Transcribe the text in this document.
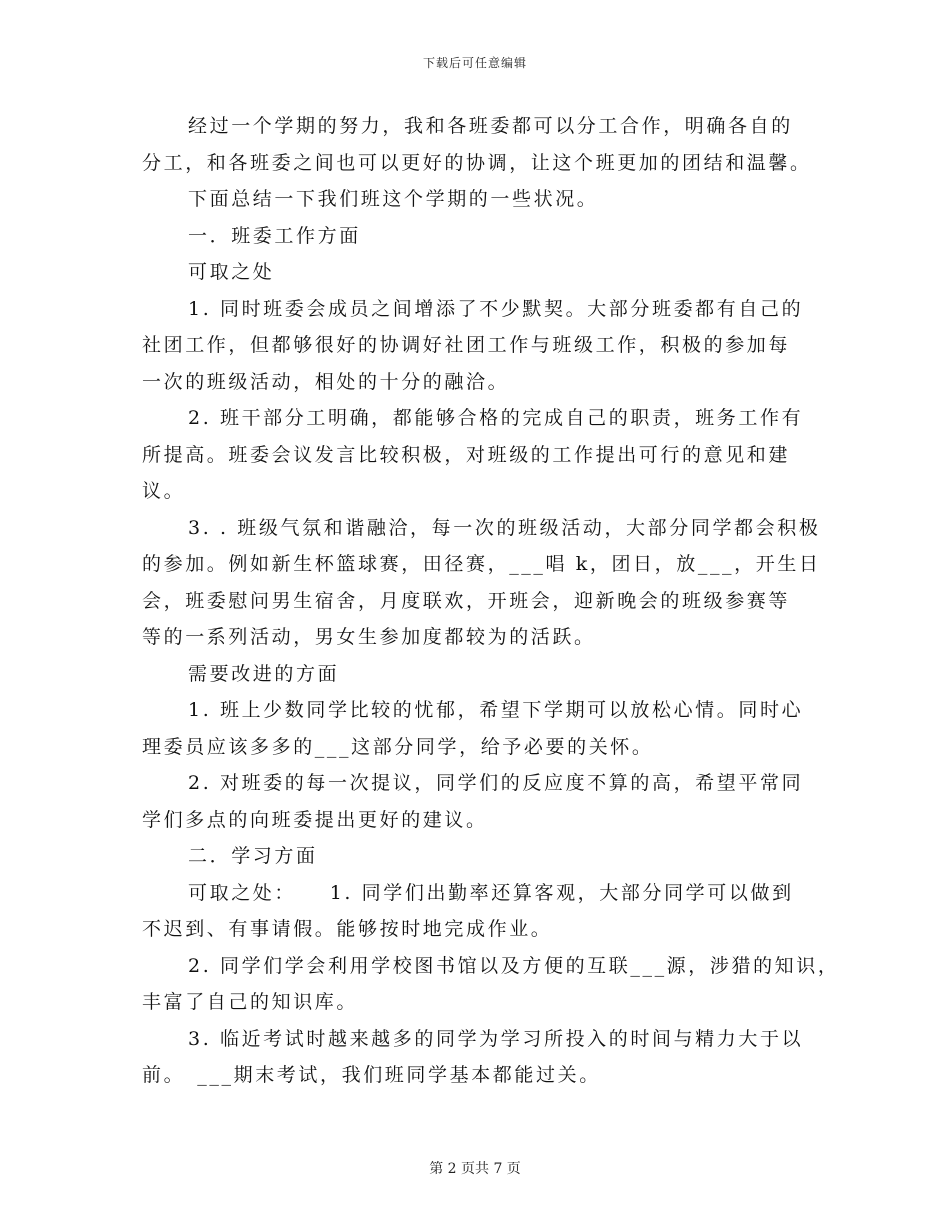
下载后可任意编辑

经过一个学期的努力，我和各班委都可以分工合作，明确各自的
分工，和各班委之间也可以更好的协调，让这个班更加的团结和温馨。

下面总结一下我们班这个学期的一些状况。

一．班委工作方面

可取之处

1. 同时班委会成员之间增添了不少默契。大部分班委都有自己的
社团工作，但都够很好的协调好社团工作与班级工作，积极的参加每
一次的班级活动，相处的十分的融洽。

2. 班干部分工明确，都能够合格的完成自己的职责，班务工作有
所提高。班委会议发言比较积极，对班级的工作提出可行的意见和建
议。

3. . 班级气氛和谐融洽，每一次的班级活动，大部分同学都会积极
的参加。例如新生杯篮球赛，田径赛，___唱 k，团日，放___，开生日
会，班委慰问男生宿舍，月度联欢，开班会，迎新晚会的班级参赛等
等的一系列活动，男女生参加度都较为的活跃。

需要改进的方面

1. 班上少数同学比较的忧郁，希望下学期可以放松心情。同时心
理委员应该多多的___这部分同学，给予必要的关怀。

2. 对班委的每一次提议，同学们的反应度不算的高，希望平常同
学们多点的向班委提出更好的建议。

二．学习方面

可取之处：　　1. 同学们出勤率还算客观，大部分同学可以做到
不迟到、有事请假。能够按时地完成作业。

2. 同学们学会利用学校图书馆以及方便的互联___源，涉猎的知识，
丰富了自己的知识库。

3. 临近考试时越来越多的同学为学习所投入的时间与精力大于以
前。　___期末考试，我们班同学基本都能过关。

第 2 页共 7 页
